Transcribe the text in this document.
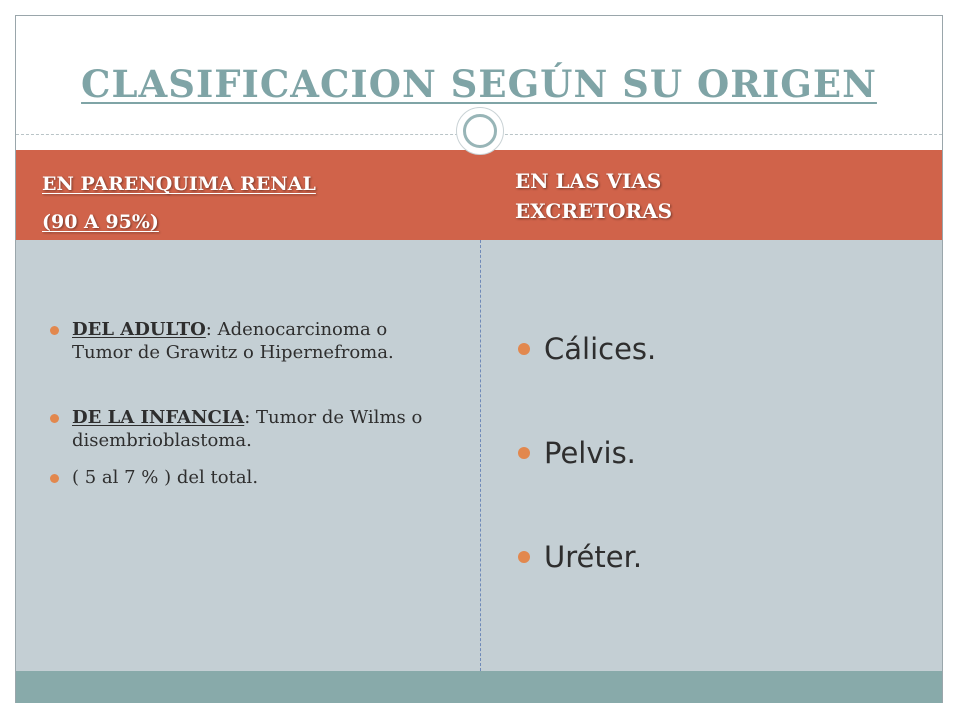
CLASIFICACION SEGÚN SU ORIGEN
EN PARENQUIMA RENAL
(90 A 95%)
EN LAS VIAS EXCRETORAS
DEL ADULTO: Adenocarcinoma o Tumor de Grawitz o Hipernefroma.
DE LA INFANCIA: Tumor de Wilms o disembrioblastoma.
( 5 al 7 % ) del total.
Cálices.
Pelvis.
Uréter.
